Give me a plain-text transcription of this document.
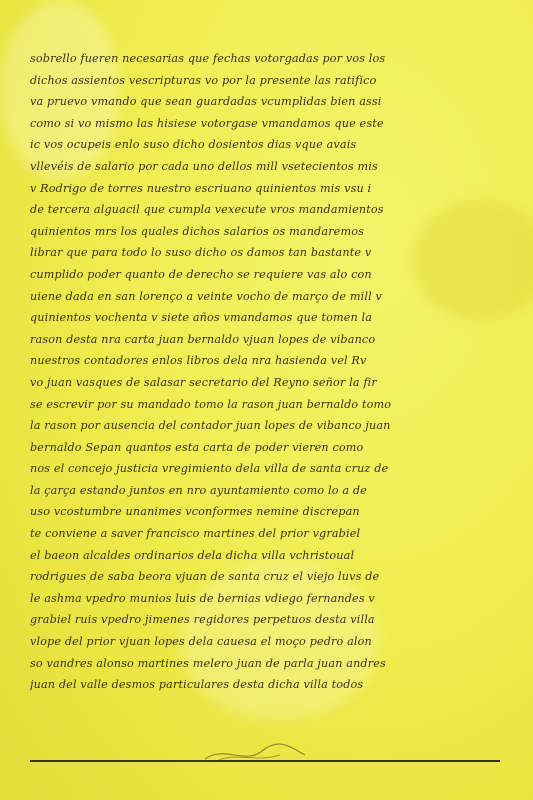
sobrello fueren necesarias que fechas votorgadas por vos los
dichos assientos vescripturas vo por la presente las ratifico
va pruevo vmando que sean guardadas vcumplidas bien assi
como si vo mismo las hisiese votorgase vmandamos que este
ic vos ocupeis enlo suso dicho dosientos dias vque avais
vllevéis de salario por cada uno dellos mill vsetecientos mis
v Rodrigo de torres nuestro escriuano quinientos mis vsu i
de tercera alguacil que cumpla vexecute vros mandamientos
quinientos mrs los quales dichos salarios os mandaremos
librar que para todo lo suso dicho os damos tan bastante v
cumplido poder quanto de derecho se requiere vas alo con
uiene dada en san lorenço a veinte vocho de março de mill v
quinientos vochenta v siete años vmandamos que tomen la
rason desta nra carta juan bernaldo vjuan lopes de vibanco
nuestros contadores enlos libros dela nra hasienda vel Rv
vo juan vasques de salasar secretario del Reyno señor la fir
se escrevir por su mandado tomo la rason juan bernaldo tomo
la rason por ausencia del contador juan lopes de vibanco juan
bernaldo Sepan quantos esta carta de poder vieren como
nos el concejo justicia vregimiento dela villa de santa cruz de
la çarça estando juntos en nro ayuntamiento como lo a de
uso vcostumbre unanimes vconformes nemine discrepan
te conviene a saver francisco martines del prior vgrabiel
el baeon alcaldes ordinarios dela dicha villa vchristoual
rodrigues de saba beora vjuan de santa cruz el viejo luvs de
le ashma vpedro munios luis de bernias vdiego fernandes v
grabiel ruis vpedro jimenes regidores perpetuos desta villa
vlope del prior vjuan lopes dela cauesa el moço pedro alon
so vandres alonso martines melero juan de parla juan andres
juan del valle desmos particulares desta dicha villa todos
